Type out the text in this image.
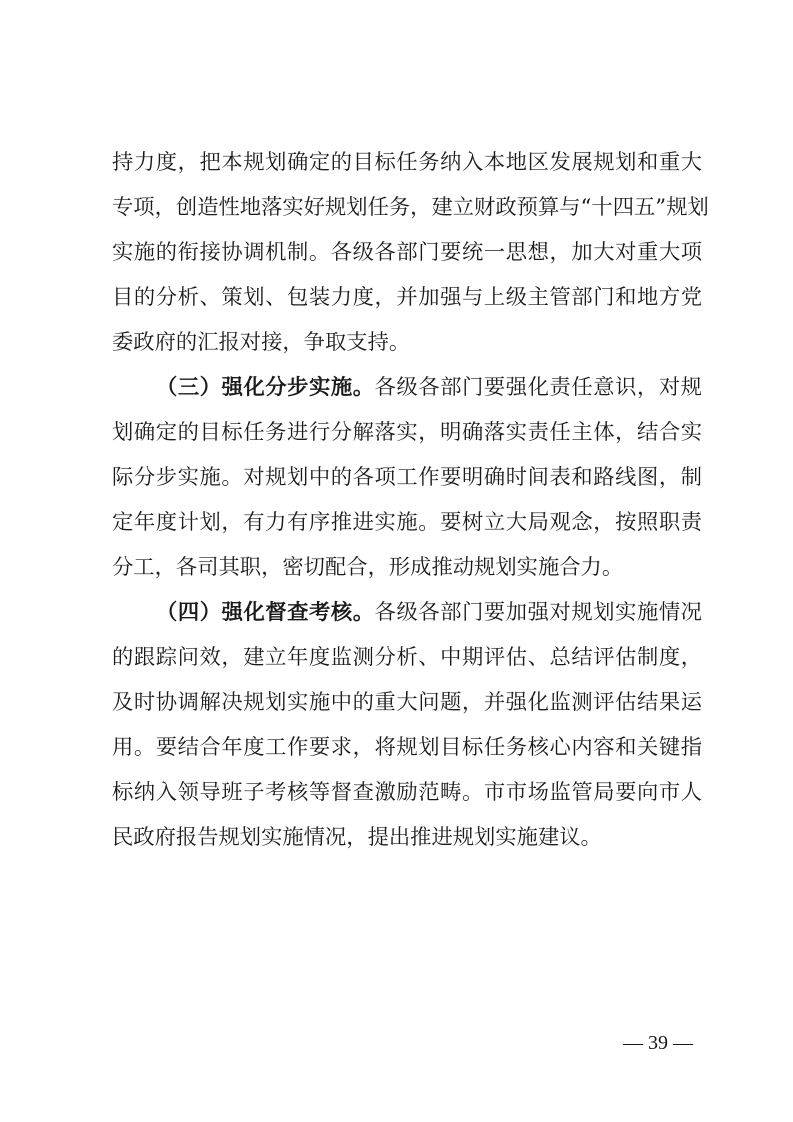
持力度，把本规划确定的目标任务纳入本地区发展规划和重大
专项，创造性地落实好规划任务，建立财政预算与“十四五”规划
实施的衔接协调机制。各级各部门要统一思想，加大对重大项
目的分析、策划、包装力度，并加强与上级主管部门和地方党
委政府的汇报对接，争取支持。
（三）强化分步实施。各级各部门要强化责任意识，对规
划确定的目标任务进行分解落实，明确落实责任主体，结合实
际分步实施。对规划中的各项工作要明确时间表和路线图，制
定年度计划，有力有序推进实施。要树立大局观念，按照职责
分工，各司其职，密切配合，形成推动规划实施合力。
（四）强化督查考核。各级各部门要加强对规划实施情况
的跟踪问效，建立年度监测分析、中期评估、总结评估制度，
及时协调解决规划实施中的重大问题，并强化监测评估结果运
用。要结合年度工作要求，将规划目标任务核心内容和关键指
标纳入领导班子考核等督查激励范畴。市市场监管局要向市人
民政府报告规划实施情况，提出推进规划实施建议。
— 39 —
